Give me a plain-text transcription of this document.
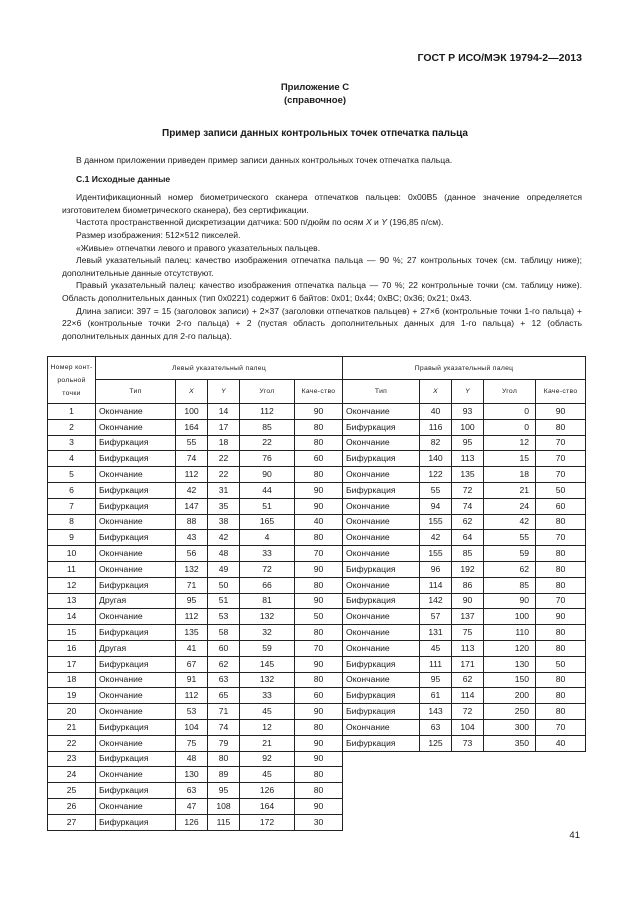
ГОСТ Р ИСО/МЭК 19794-2—2013
Приложение С
(справочное)
Пример записи данных контрольных точек отпечатка пальца

В данном приложении приведен пример записи данных контрольных точек отпечатка пальца.

С.1 Исходные данные

Идентификационный номер биометрического сканера отпечатков пальцев: 0x00B5 (данное значение определяется изготовителем биометрического сканера), без сертификации.

Частота пространственной дискретизации датчика: 500 п/дюйм по осям X и Y (196,85 п/см).

Размер изображения: 512×512 пикселей.

«Живые» отпечатки левого и правого указательных пальцев.

Левый указательный палец: качество изображения отпечатка пальца — 90 %; 27 контрольных точек (см. таблицу ниже); дополнительные данные отсутствуют.

Правый указательный палец: качество изображения отпечатка пальца — 70 %; 22 контрольные точки (см. таблицу ниже). Область дополнительных данных (тип 0x0221) содержит 6 байтов: 0x01; 0x44; 0xBC; 0x36; 0x21; 0x43.

Длина записи: 397 = 15 (заголовок записи) + 2×37 (заголовки отпечатков пальцев) + 27×6 (контрольные точки 1-го пальца) + 22×6 (контрольные точки 2-го пальца) + 2 (пустая область дополнительных данных для 1-го пальца) + 12 (область дополнительных данных для 2-го пальца).

Номер конт-рольной точки	Левый указательный палец					Правый указательный палец				
	Тип	X	Y	Угол	Каче-ство	Тип	X	Y	Угол	Каче-ство
1	Окончание	100	14	112	90	Окончание	40	93	0	90
2	Окончание	164	17	85	80	Бифуркация	116	100	0	80
3	Бифуркация	55	18	22	80	Окончание	82	95	12	70
4	Бифуркация	74	22	76	60	Бифуркация	140	113	15	70
5	Окончание	112	22	90	80	Окончание	122	135	18	70
6	Бифуркация	42	31	44	90	Бифуркация	55	72	21	50
7	Бифуркация	147	35	51	90	Окончание	94	74	24	60
8	Окончание	88	38	165	40	Окончание	155	62	42	80
9	Бифуркация	43	42	4	80	Окончание	42	64	55	70
10	Окончание	56	48	33	70	Окончание	155	85	59	80
11	Окончание	132	49	72	90	Бифуркация	96	192	62	80
12	Бифуркация	71	50	66	80	Окончание	114	86	85	80
13	Другая	95	51	81	90	Бифуркация	142	90	90	70
14	Окончание	112	53	132	50	Окончание	57	137	100	90
15	Бифуркация	135	58	32	80	Окончание	131	75	110	80
16	Другая	41	60	59	70	Окончание	45	113	120	80
17	Бифуркация	67	62	145	90	Бифуркация	111	171	130	50
18	Окончание	91	63	132	80	Окончание	95	62	150	80
19	Окончание	112	65	33	60	Бифуркация	61	114	200	80
20	Окончание	53	71	45	90	Бифуркация	143	72	250	80
21	Бифуркация	104	74	12	80	Окончание	63	104	300	70
22	Окончание	75	79	21	90	Бифуркация	125	73	350	40
23	Бифуркация	48	80	92	90					
24	Окончание	130	89	45	80					
25	Бифуркация	63	95	126	80					
26	Окончание	47	108	164	90					
27	Бифуркация	126	115	172	30					
41
